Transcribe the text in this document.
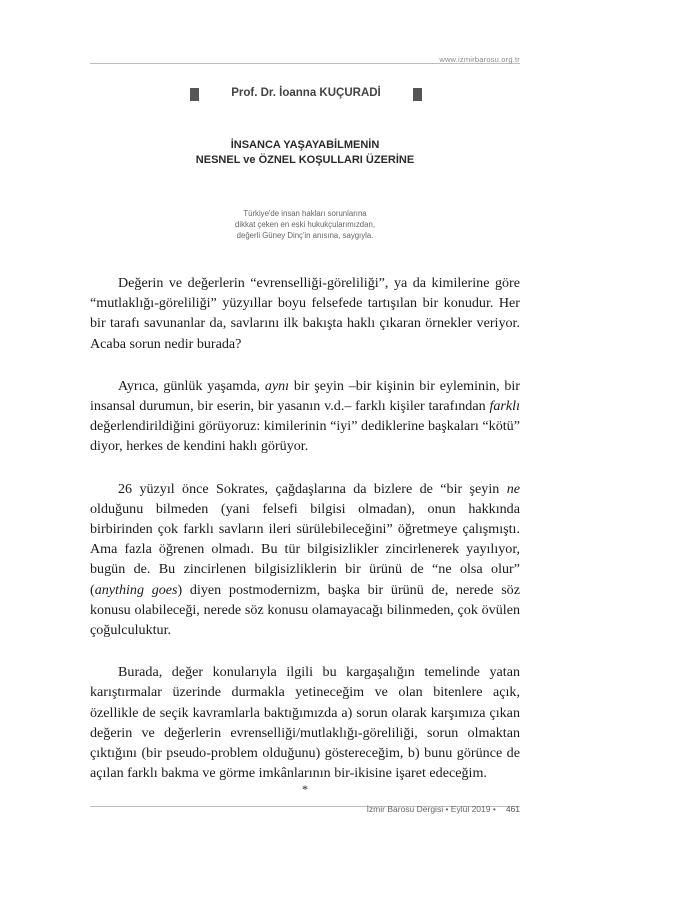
www.izmirbarosu.org.tr
Prof. Dr. İoanna KUÇURADİ
İNSANCA YAŞAYABİLMENİN
NESNEL ve ÖZNEL KOŞULLARI ÜZERİNE
Türkiye'de insan hakları sorunlarına
dikkat çeken en eski hukukçularımızdan,
değerli Güney Dinç'in anısına, saygıyla.

Değerin ve değerlerin “evrenselliği-göreliliği”, ya da kimilerine göre “mutlaklığı-göreliliği” yüzyıllar boyu felsefede tartışılan bir konudur. Her bir tarafı savunanlar da, savlarını ilk bakışta haklı çıkaran örnekler veriyor. Acaba sorun nedir burada?

Ayrıca, günlük yaşamda, aynı bir şeyin –bir kişinin bir eyleminin, bir insansal durumun, bir eserin, bir yasanın v.d.– farklı kişiler tarafından farklı değerlendirildiğini görüyoruz: kimilerinin “iyi” dediklerine başkaları “kötü” diyor, herkes de kendini haklı görüyor.

26 yüzyıl önce Sokrates, çağdaşlarına da bizlere de “bir şeyin ne olduğunu bilmeden (yani felsefi bilgisi olmadan), onun hakkında birbirinden çok farklı savların ileri sürülebileceğini” öğretmeye çalışmıştı. Ama fazla öğrenen olmadı. Bu tür bilgisizlikler zincirlenerek yayılıyor, bugün de. Bu zincirlenen bilgisizliklerin bir ürünü de “ne olsa olur” (anything goes) diyen postmodernizm, başka bir ürünü de, nerede söz konusu olabileceği, nerede söz konusu olamayacağı bilinmeden, çok övülen çoğulculuktur.

Burada, değer konularıyla ilgili bu kargaşalığın temelinde yatan karıştırmalar üzerinde durmakla yetineceğim ve olan bitenlere açık, özellikle de seçik kavramlarla baktığımızda a) sorun olarak karşımıza çıkan değerin ve değerlerin evrenselliği/mutlaklığı-göreliliği, sorun olmaktan çıktığını (bir pseudo-problem olduğunu) göstereceğim, b) bunu görünce de açılan farklı bakma ve görme imkânlarının bir-ikisine işaret edeceğim.

*
İzmir Barosu Dergisi • Eylül 2019 • 461
